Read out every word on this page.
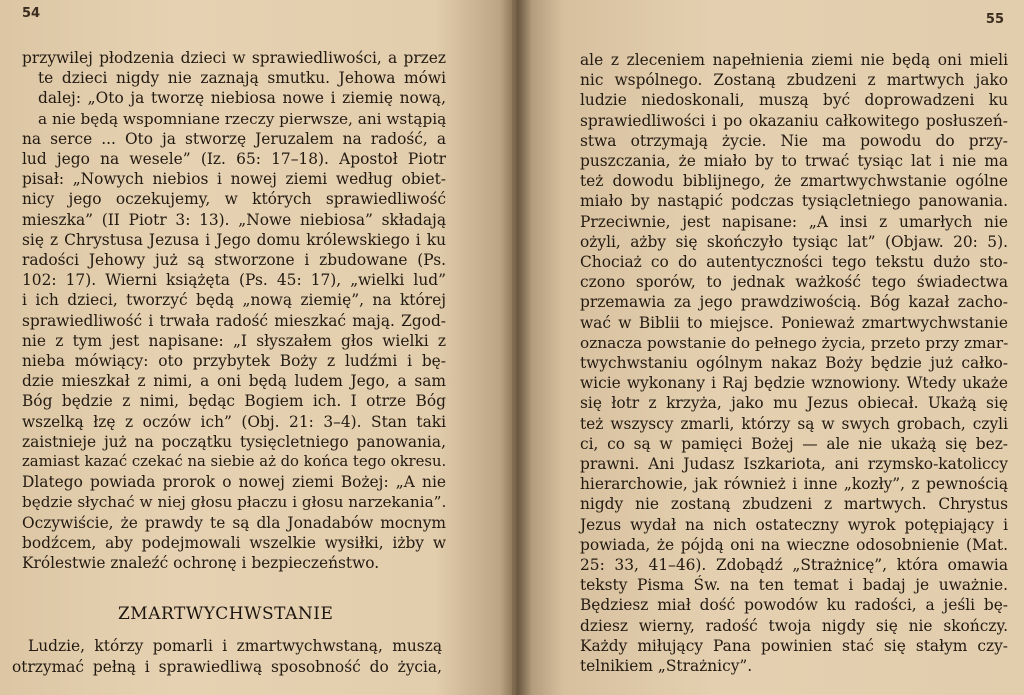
54
przywilej płodzenia dzieci w sprawiedliwości, a przez
te dzieci nigdy nie zaznają smutku. Jehowa mówi
dalej: „Oto ja tworzę niebiosa nowe i ziemię nową,
a nie będą wspomniane rzeczy pierwsze, ani wstąpią
na serce ... Oto ja stworzę Jeruzalem na radość, a
lud jego na wesele” (Iz. 65: 17–18). Apostoł Piotr
pisał: „Nowych niebios i nowej ziemi według obiet-
nicy jego oczekujemy, w których sprawiedliwość
mieszka” (II Piotr 3: 13). „Nowe niebiosa” składają
się z Chrystusa Jezusa i Jego domu królewskiego i ku
radości Jehowy już są stworzone i zbudowane (Ps.
102: 17). Wierni książęta (Ps. 45: 17), „wielki lud”
i ich dzieci, tworzyć będą „nową ziemię”, na której
sprawiedliwość i trwała radość mieszkać mają. Zgod-
nie z tym jest napisane: „I słyszałem głos wielki z
nieba mówiący: oto przybytek Boży z ludźmi i bę-
dzie mieszkał z nimi, a oni będą ludem Jego, a sam
Bóg będzie z nimi, będąc Bogiem ich. I otrze Bóg
wszelką łzę z oczów ich” (Obj. 21: 3–4). Stan taki
zaistnieje już na początku tysięcletniego panowania,
zamiast kazać czekać na siebie aż do końca tego okresu.
Dlatego powiada prorok o nowej ziemi Bożej: „A nie
będzie słychać w niej głosu płaczu i głosu narzekania”.
Oczywiście, że prawdy te są dla Jonadabów mocnym
bodźcem, aby podejmowali wszelkie wysiłki, iżby w
Królestwie znaleźć ochronę i bezpieczeństwo.
ZMARTWYCHWSTANIE
Ludzie, którzy pomarli i zmartwychwstaną, muszą
otrzymać pełną i sprawiedliwą sposobność do życia,
55
ale z zleceniem napełnienia ziemi nie będą oni mieli
nic wspólnego. Zostaną zbudzeni z martwych jako
ludzie niedoskonali, muszą być doprowadzeni ku
sprawiedliwości i po okazaniu całkowitego posłuszeń-
stwa otrzymają życie. Nie ma powodu do przy-
puszczania, że miało by to trwać tysiąc lat i nie ma
też dowodu biblijnego, że zmartwychwstanie ogólne
miało by nastąpić podczas tysiącletniego panowania.
Przeciwnie, jest napisane: „A insi z umarłych nie
ożyli, ażby się skończyło tysiąc lat” (Objaw. 20: 5).
Chociaż co do autentyczności tego tekstu dużo sto-
czono sporów, to jednak ważkość tego świadectwa
przemawia za jego prawdziwością. Bóg kazał zacho-
wać w Biblii to miejsce. Ponieważ zmartwychwstanie
oznacza powstanie do pełnego życia, przeto przy zmar-
twychwstaniu ogólnym nakaz Boży będzie już całko-
wicie wykonany i Raj będzie wznowiony. Wtedy ukaże
się łotr z krzyża, jako mu Jezus obiecał. Ukażą się
też wszyscy zmarli, którzy są w swych grobach, czyli
ci, co są w pamięci Bożej — ale nie ukażą się bez-
prawni. Ani Judasz Iszkariota, ani rzymsko-katoliccy
hierarchowie, jak również i inne „kozły”, z pewnością
nigdy nie zostaną zbudzeni z martwych. Chrystus
Jezus wydał na nich ostateczny wyrok potępiający i
powiada, że pójdą oni na wieczne odosobnienie (Mat.
25: 33, 41–46). Zdobądź „Strażnicę”, która omawia
teksty Pisma Św. na ten temat i badaj je uważnie.
Będziesz miał dość powodów ku radości, a jeśli bę-
dziesz wierny, radość twoja nigdy się nie skończy.
Każdy miłujący Pana powinien stać się stałym czy-
telnikiem „Strażnicy”.
